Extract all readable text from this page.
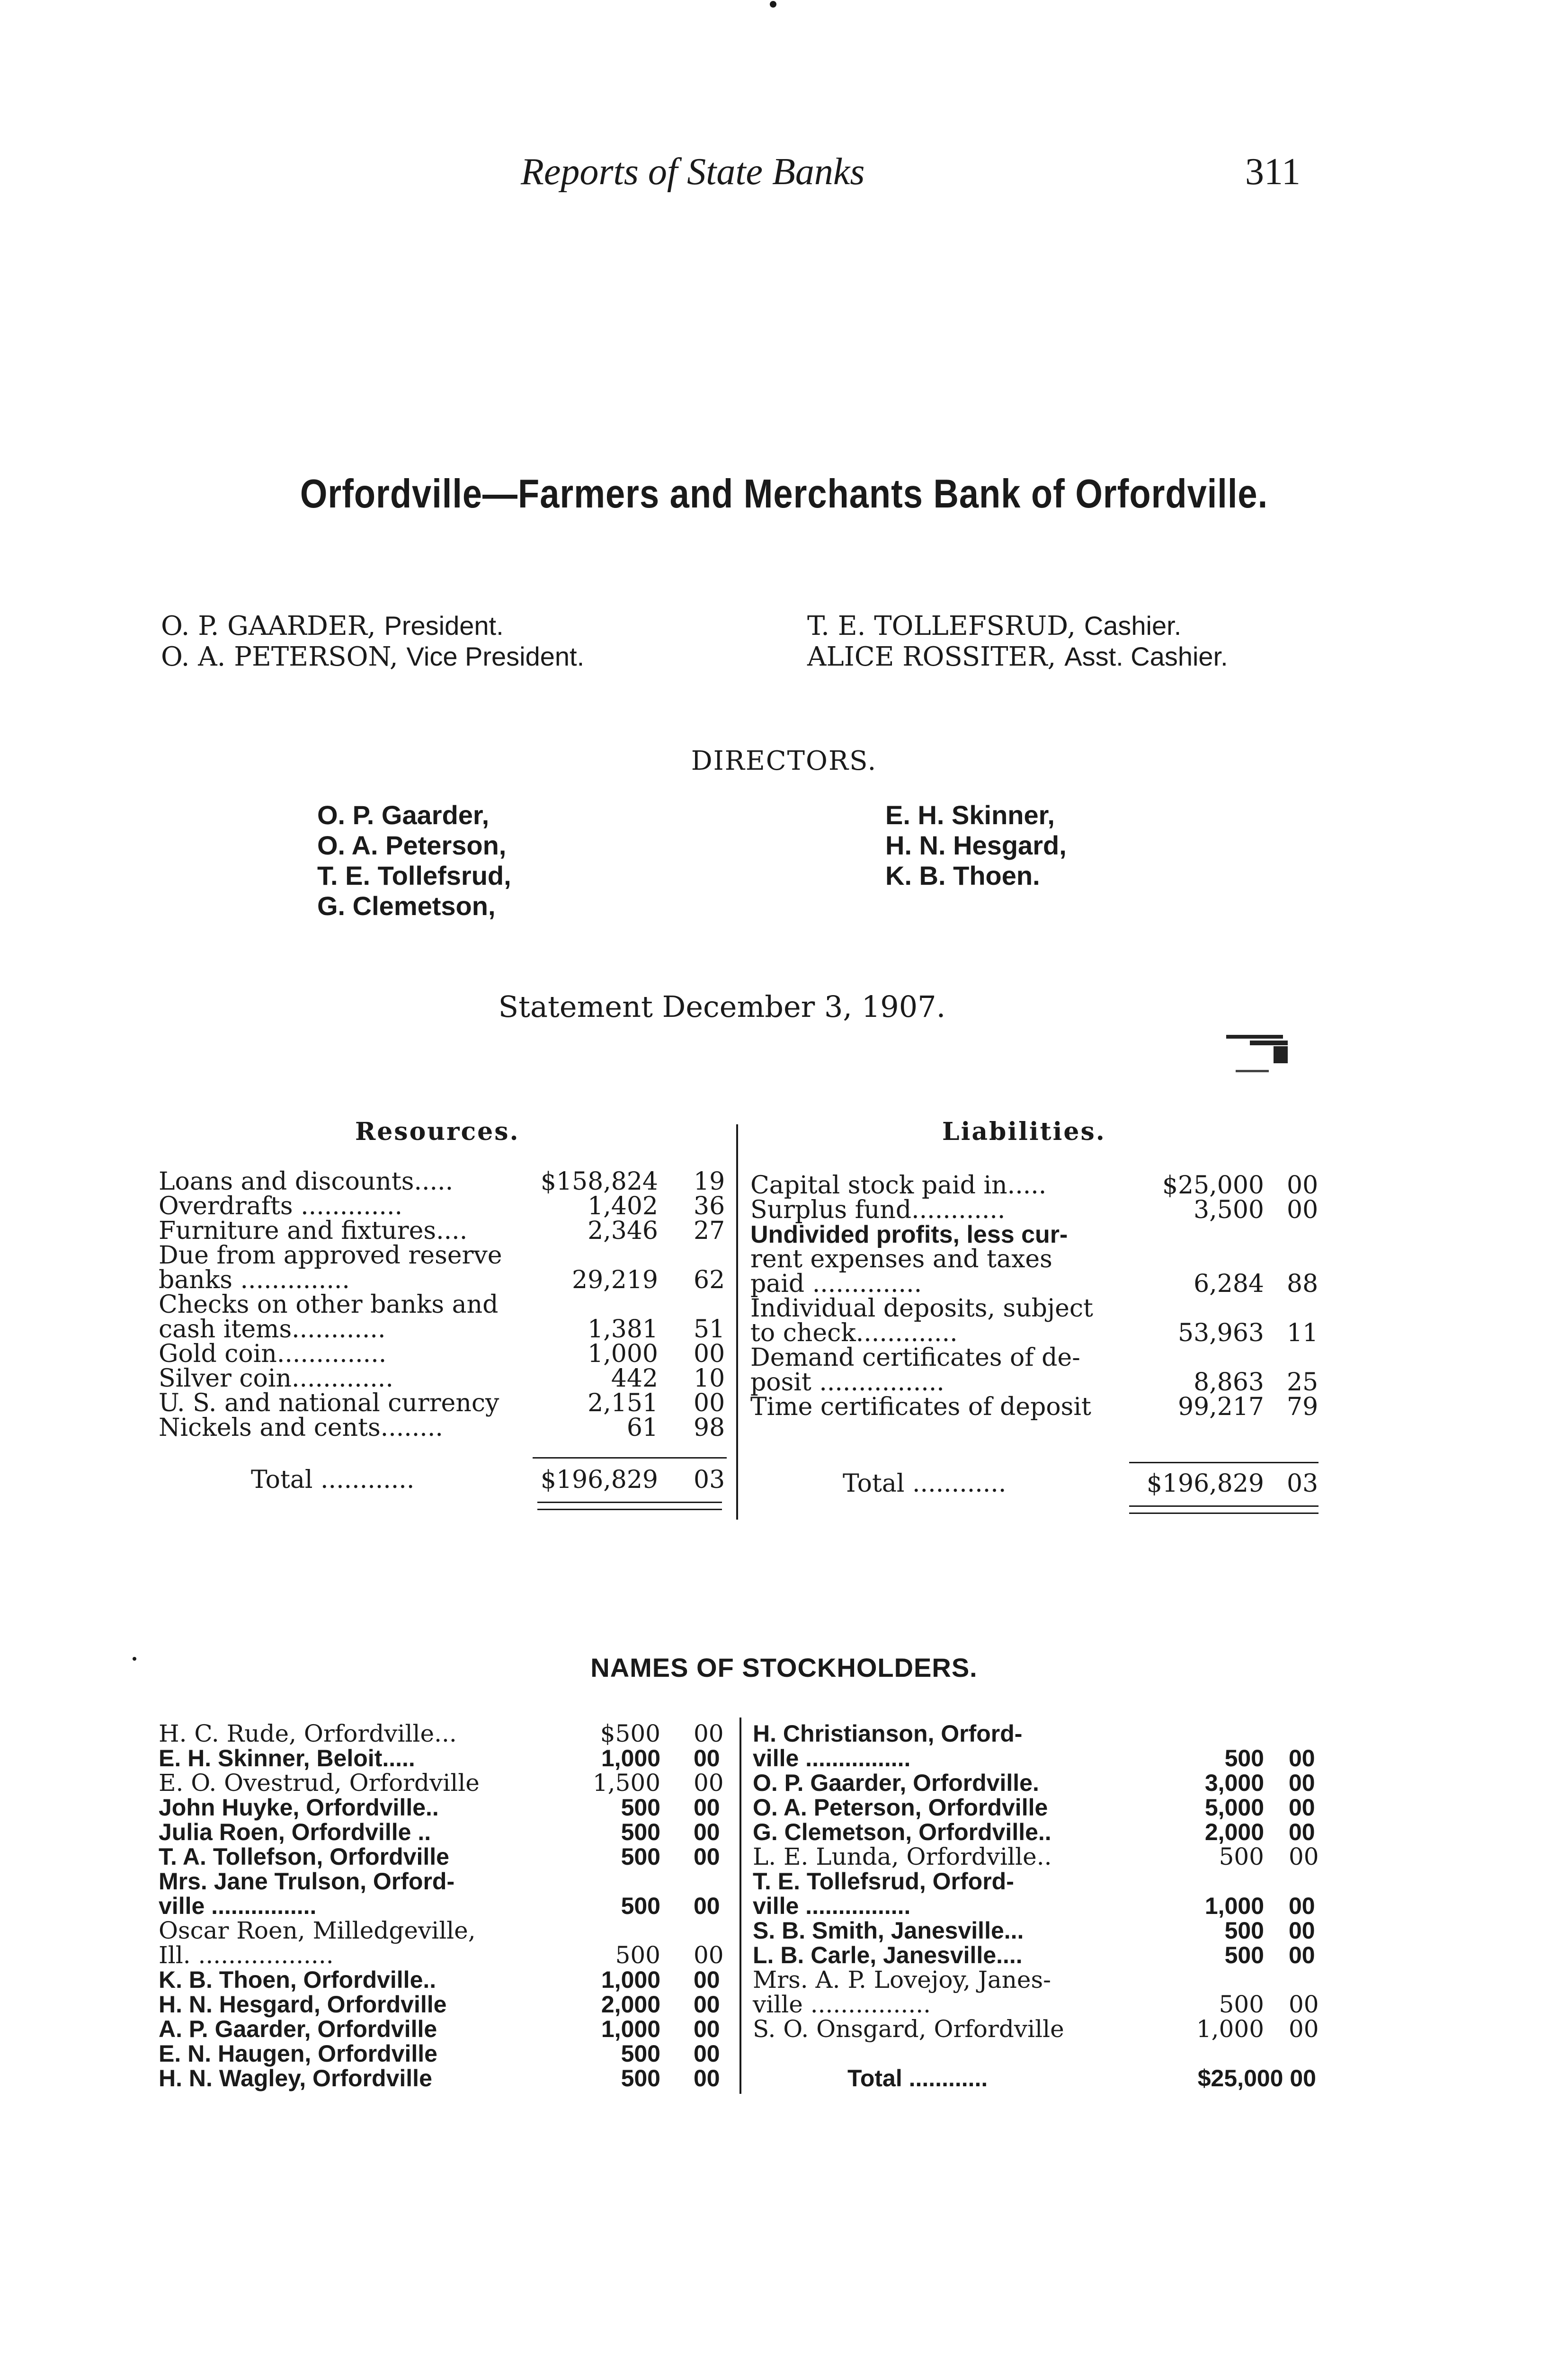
Reports of State Banks	311
Orfordville—Farmers and Merchants Bank of Orfordville.
O. P. GAARDER, President.
O. A. PETERSON, Vice President.
T. E. TOLLEFSRUD, Cashier.
ALICE ROSSITER, Asst. Cashier.
DIRECTORS.
O. P. Gaarder,
O. A. Peterson,
T. E. Tollefsrud,
G. Clemetson,
E. H. Skinner,
H. N. Hesgard,
K. B. Thoen.
Statement December 3, 1907.
Resources.	Liabilities.
Loans and discounts.....	$158,824 19
Overdrafts .............	1,402 36
Furniture and fixtures....	2,346 27
Due from approved reserve
banks ..............	29,219 62
Checks on other banks and
cash items............	1,381 51
Gold coin..............	1,000 00
Silver coin.............	442 10
U. S. and national currency	2,151 00
Nickels and cents........	61 98
Capital stock paid in.....	$25,000 00
Surplus fund............	3,500 00
Undivided profits, less cur-
rent expenses and taxes
paid ..............	6,284 88
Individual deposits, subject
to check.............	53,963 11
Demand certificates of de-
posit ................	8,863 25
Time certificates of deposit	99,217 79
Total ............	$196,829 03	Total ............	$196,829 03
NAMES OF STOCKHOLDERS.
H. C. Rude, Orfordville...	$500 00
E. H. Skinner, Beloit.....	1,000 00
E. O. Ovestrud, Orfordville	1,500 00
John Huyke, Orfordville..	500 00
Julia Roen, Orfordville ..	500 00
T. A. Tollefson, Orfordville	500 00
Mrs. Jane Trulson, Orford-
ville ................	500 00
Oscar Roen, Milledgeville,
Ill. ..................	500 00
K. B. Thoen, Orfordville..	1,000 00
H. N. Hesgard, Orfordville	2,000 00
A. P. Gaarder, Orfordville	1,000 00
E. N. Haugen, Orfordville	500 00
H. N. Wagley, Orfordville	500 00
H. Christianson, Orford-
ville ................	500 00
O. P. Gaarder, Orfordville.	3,000 00
O. A. Peterson, Orfordville	5,000 00
G. Clemetson, Orfordville..	2,000 00
L. E. Lunda, Orfordville..	500 00
T. E. Tollefsrud, Orford-
ville ................	1,000 00
S. B. Smith, Janesville...	500 00
L. B. Carle, Janesville....	500 00
Mrs. A. P. Lovejoy, Janes-
ville ................	500 00
S. O. Onsgard, Orfordville	1,000 00
Total ............	$25,000 00
